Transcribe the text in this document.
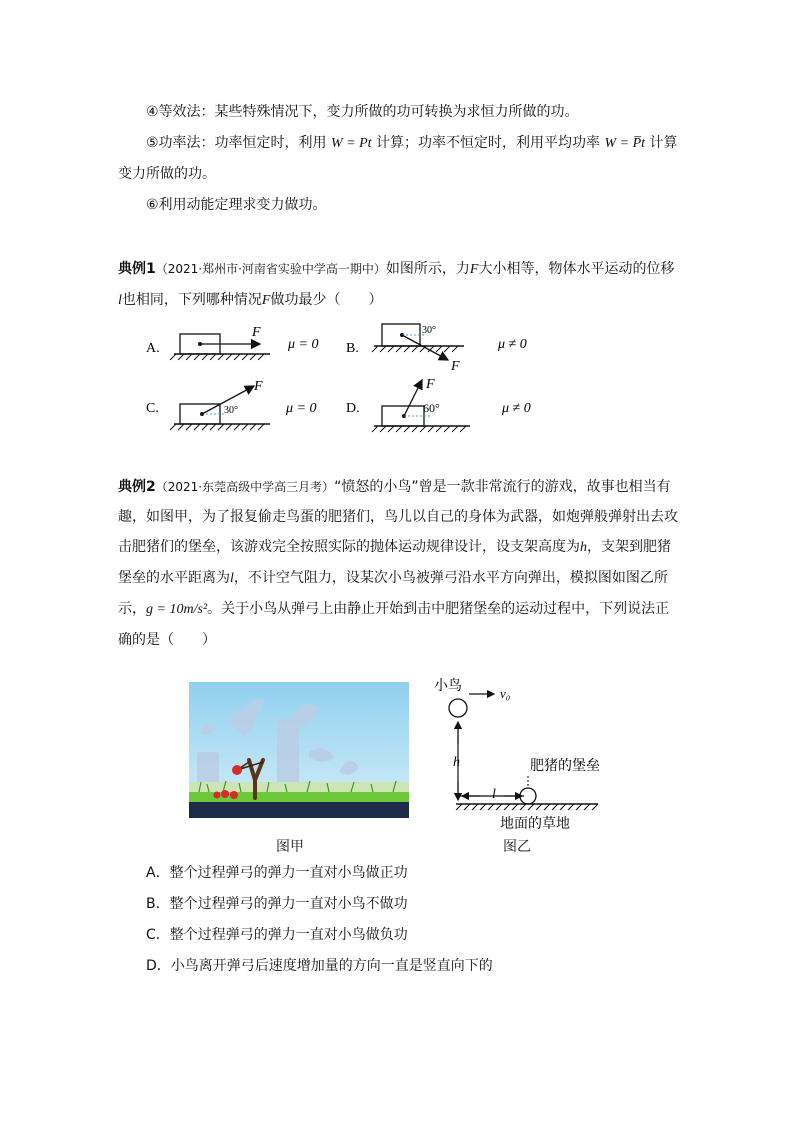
④等效法：某些特殊情况下，变力所做的功可转换为求恒力所做的功。
⑤功率法：功率恒定时，利用 W = Pt 计算；功率不恒定时，利用平均功率 W = P̅t 计算变力所做的功。
⑥利用动能定理求变力做功。
典例1（2021·郑州市·河南省实验中学高一期中）如图所示，力F大小相等，物体水平运动的位移l也相同，下列哪种情况F做功最少（　　）
A.
F
μ = 0 B.
30°
F
μ ≠ 0
C.	30°
F
μ = 0 D.
F
60°	μ ≠ 0
典例2（2021·东莞高级中学高三月考）“愤怒的小鸟”曾是一款非常流行的游戏，故事也相当有趣，如图甲，为了报复偷走鸟蛋的肥猪们，鸟儿以自己的身体为武器，如炮弹般弹射出去攻击肥猪们的堡垒，该游戏完全按照实际的抛体运动规律设计，设支架高度为h，支架到肥猪堡垒的水平距离为l，不计空气阻力，设某次小鸟被弹弓沿水平方向弹出，模拟图如图乙所示，g = 10m/s²。关于小鸟从弹弓上由静止开始到击中肥猪堡垒的运动过程中，下列说法正确的是（　　）
图甲
小鸟	v₀
h
l
肥猪的堡垒
地面的草地
图乙
A．整个过程弹弓的弹力一直对小鸟做正功
B．整个过程弹弓的弹力一直对小鸟不做功
C．整个过程弹弓的弹力一直对小鸟做负功
D．小鸟离开弹弓后速度增加量的方向一直是竖直向下的
